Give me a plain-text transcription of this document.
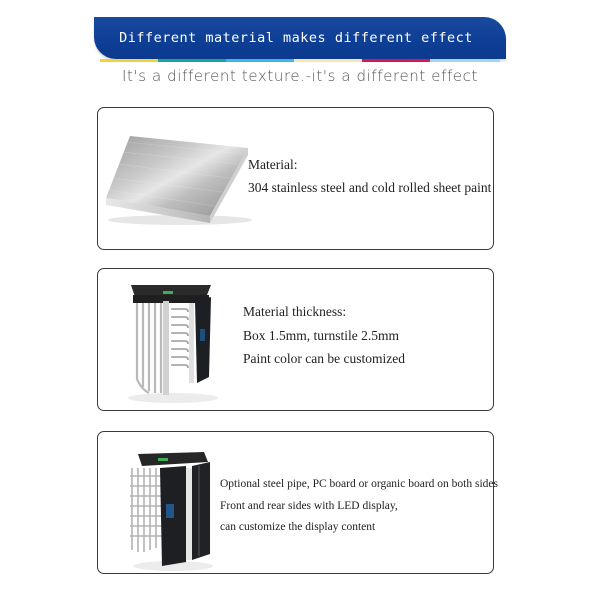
Different material makes different effect
It's a different texture.-it's a different effect
Material:
304 stainless steel and cold rolled sheet paint
Material thickness:
Box 1.5mm, turnstile 2.5mm
Paint color can be customized
Optional steel pipe, PC board or organic board on both sides
Front and rear sides with LED display,
can customize the display content
